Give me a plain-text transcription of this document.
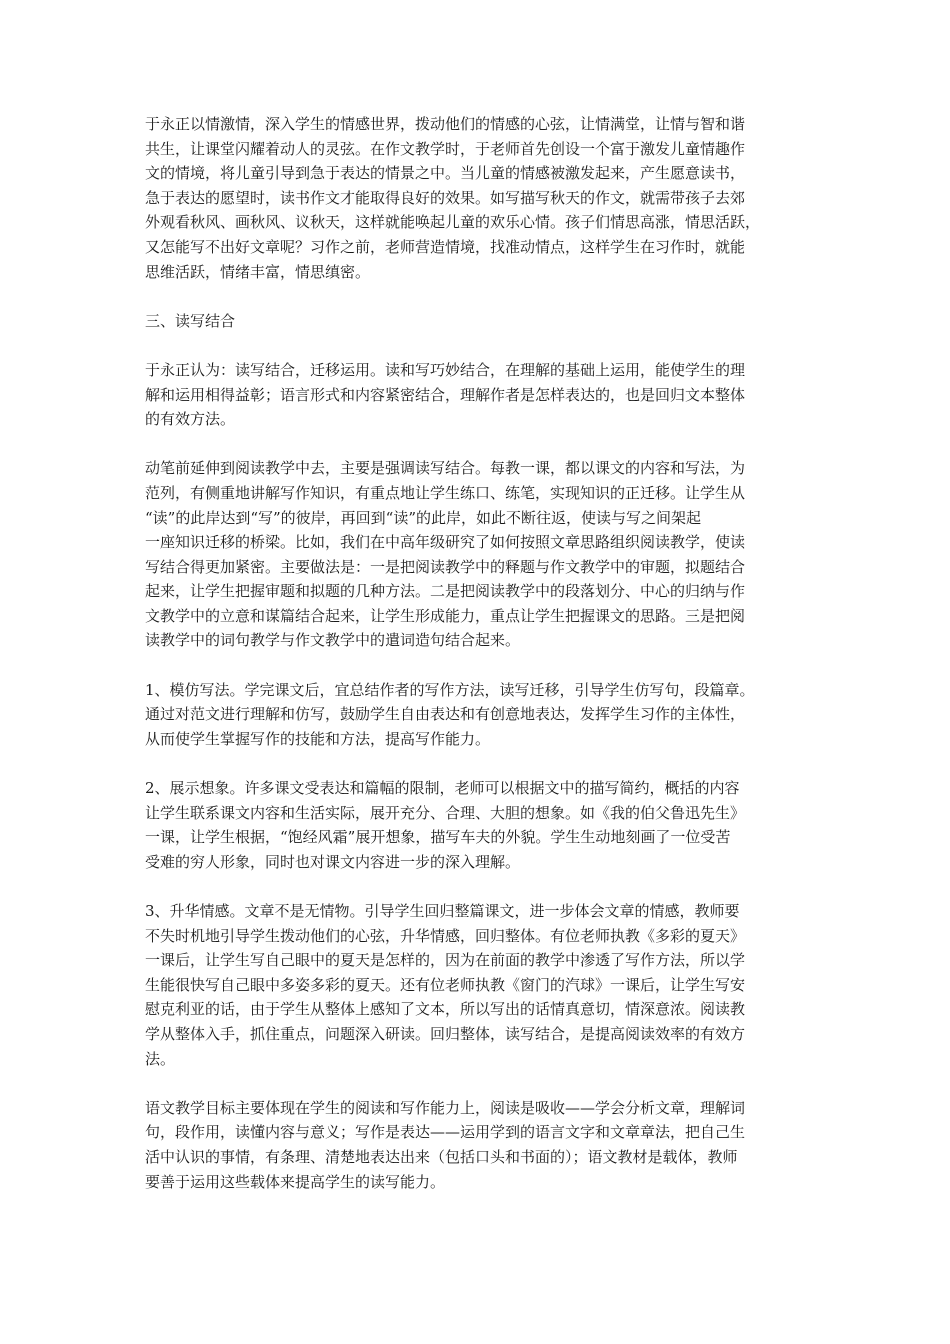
于永正以情激情，深入学生的情感世界，拨动他们的情感的心弦，让情满堂，让情与智和谐
共生，让课堂闪耀着动人的灵弦。在作文教学时，于老师首先创设一个富于激发儿童情趣作
文的情境，将儿童引导到急于表达的情景之中。当儿童的情感被激发起来，产生愿意读书，
急于表达的愿望时，读书作文才能取得良好的效果。如写描写秋天的作文，就需带孩子去郊
外观看秋风、画秋风、议秋天，这样就能唤起儿童的欢乐心情。孩子们情思高涨，情思活跃，
又怎能写不出好文章呢？习作之前，老师营造情境，找准动情点，这样学生在习作时，就能
思维活跃，情绪丰富，情思缜密。

三、读写结合

于永正认为：读写结合，迁移运用。读和写巧妙结合，在理解的基础上运用，能使学生的理
解和运用相得益彰；语言形式和内容紧密结合，理解作者是怎样表达的，也是回归文本整体
的有效方法。

动笔前延伸到阅读教学中去，主要是强调读写结合。每教一课，都以课文的内容和写法，为
范列，有侧重地讲解写作知识，有重点地让学生练口、练笔，实现知识的正迁移。让学生从
“读”的此岸达到“写”的彼岸，再回到“读”的此岸，如此不断往返，使读与写之间架起
一座知识迁移的桥梁。比如，我们在中高年级研究了如何按照文章思路组织阅读教学，使读
写结合得更加紧密。主要做法是：一是把阅读教学中的释题与作文教学中的审题，拟题结合
起来，让学生把握审题和拟题的几种方法。二是把阅读教学中的段落划分、中心的归纳与作
文教学中的立意和谋篇结合起来，让学生形成能力，重点让学生把握课文的思路。三是把阅
读教学中的词句教学与作文教学中的遣词造句结合起来。

1、模仿写法。学完课文后，宜总结作者的写作方法，读写迁移，引导学生仿写句，段篇章。
通过对范文进行理解和仿写，鼓励学生自由表达和有创意地表达，发挥学生习作的主体性，
从而使学生掌握写作的技能和方法，提高写作能力。

2、展示想象。许多课文受表达和篇幅的限制，老师可以根据文中的描写简约，概括的内容
让学生联系课文内容和生活实际，展开充分、合理、大胆的想象。如《我的伯父鲁迅先生》
一课，让学生根据，“饱经风霜”展开想象，描写车夫的外貌。学生生动地刻画了一位受苦
受难的穷人形象，同时也对课文内容进一步的深入理解。

3、升华情感。文章不是无情物。引导学生回归整篇课文，进一步体会文章的情感，教师要
不失时机地引导学生拨动他们的心弦，升华情感，回归整体。有位老师执教《多彩的夏天》
一课后，让学生写自己眼中的夏天是怎样的，因为在前面的教学中渗透了写作方法，所以学
生能很快写自己眼中多姿多彩的夏天。还有位老师执教《窗门的汽球》一课后，让学生写安
慰克利亚的话，由于学生从整体上感知了文本，所以写出的话情真意切，情深意浓。阅读教
学从整体入手，抓住重点，问题深入研读。回归整体，读写结合，是提高阅读效率的有效方
法。

语文教学目标主要体现在学生的阅读和写作能力上，阅读是吸收——学会分析文章，理解词
句，段作用，读懂内容与意义；写作是表达——运用学到的语言文字和文章章法，把自己生
活中认识的事情，有条理、清楚地表达出来（包括口头和书面的）；语文教材是载体，教师
要善于运用这些载体来提高学生的读写能力。
